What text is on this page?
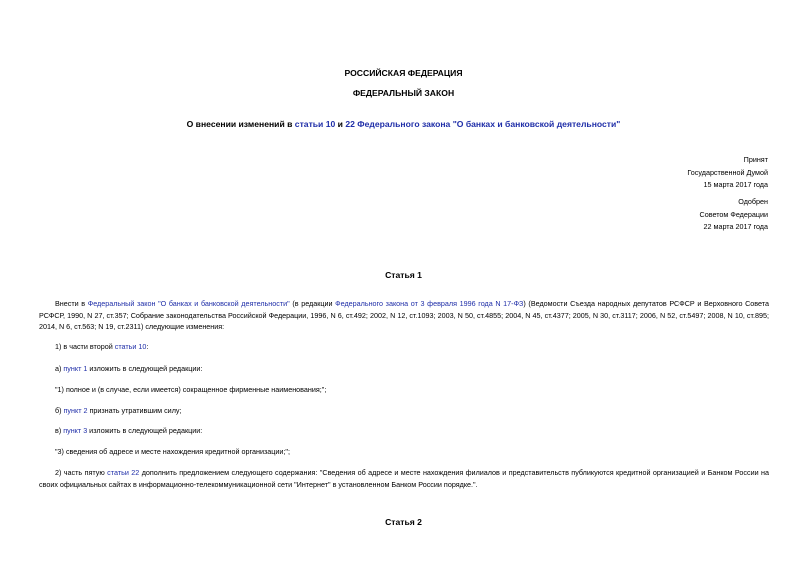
РОССИЙСКАЯ ФЕДЕРАЦИЯ
ФЕДЕРАЛЬНЫЙ ЗАКОН
О внесении изменений в статьи 10 и 22 Федерального закона "О банках и банковской деятельности"
Принят
Государственной Думой
15 марта 2017 года
Одобрен
Советом Федерации
22 марта 2017 года
Статья 1
Внести в Федеральный закон "О банках и банковской деятельности" (в редакции Федерального закона от 3 февраля 1996 года N 17-ФЗ) (Ведомости Съезда народных депутатов РСФСР и Верховного Совета РСФСР, 1990, N 27, ст.357; Собрание законодательства Российской Федерации, 1996, N 6, ст.492; 2002, N 12, ст.1093; 2003, N 50, ст.4855; 2004, N 45, ст.4377; 2005, N 30, ст.3117; 2006, N 52, ст.5497; 2008, N 10, ст.895; 2014, N 6, ст.563; N 19, ст.2311) следующие изменения:
1) в части второй статьи 10:
а) пункт 1 изложить в следующей редакции:
"1) полное и (в случае, если имеется) сокращенное фирменные наименования;";
б) пункт 2 признать утратившим силу;
в) пункт 3 изложить в следующей редакции:
"3) сведения об адресе и месте нахождения кредитной организации;";
2) часть пятую статьи 22 дополнить предложением следующего содержания: "Сведения об адресе и месте нахождения филиалов и представительств публикуются кредитной организацией и Банком России на своих официальных сайтах в информационно-телекоммуникационной сети "Интернет" в установленном Банком России порядке.".
Статья 2
